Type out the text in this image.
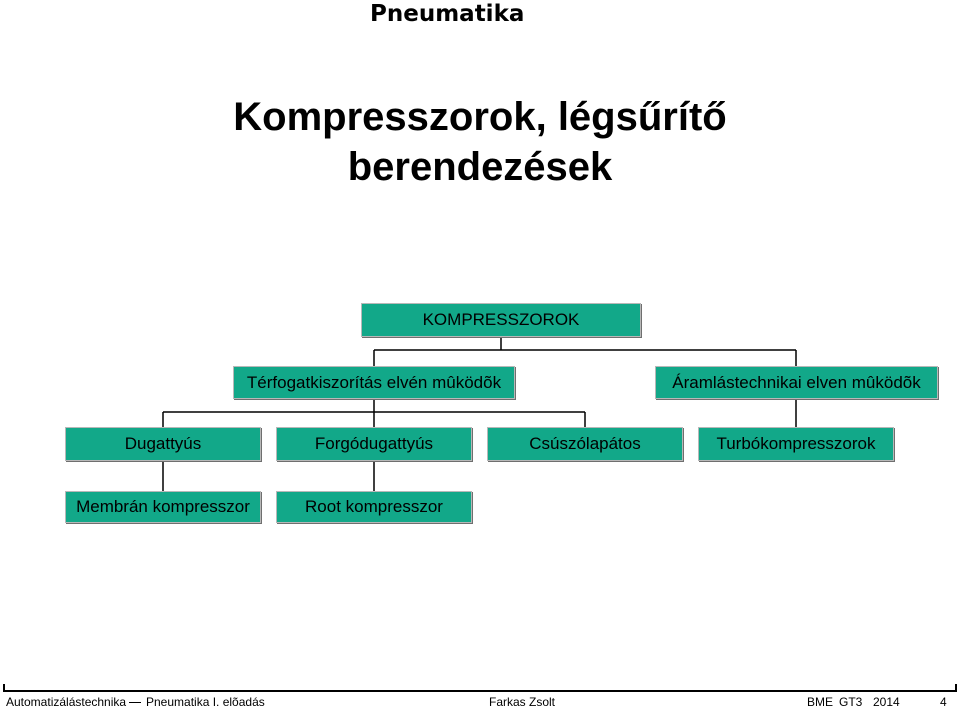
Pneumatika
Kompresszorok, légsűrítő
berendezések
KOMPRESSZOROK
Térfogatkiszorítás elvén mûködõk	Áramlástechnikai elven mûködõk
Dugattyús	Forgódugattyús	Csúszólapátos	Turbókompresszorok
Membrán kompresszor	Root kompresszor
Automatizálástechnika Pneumatika I. elõadás	Farkas Zsolt	BME GT3 2014	4
